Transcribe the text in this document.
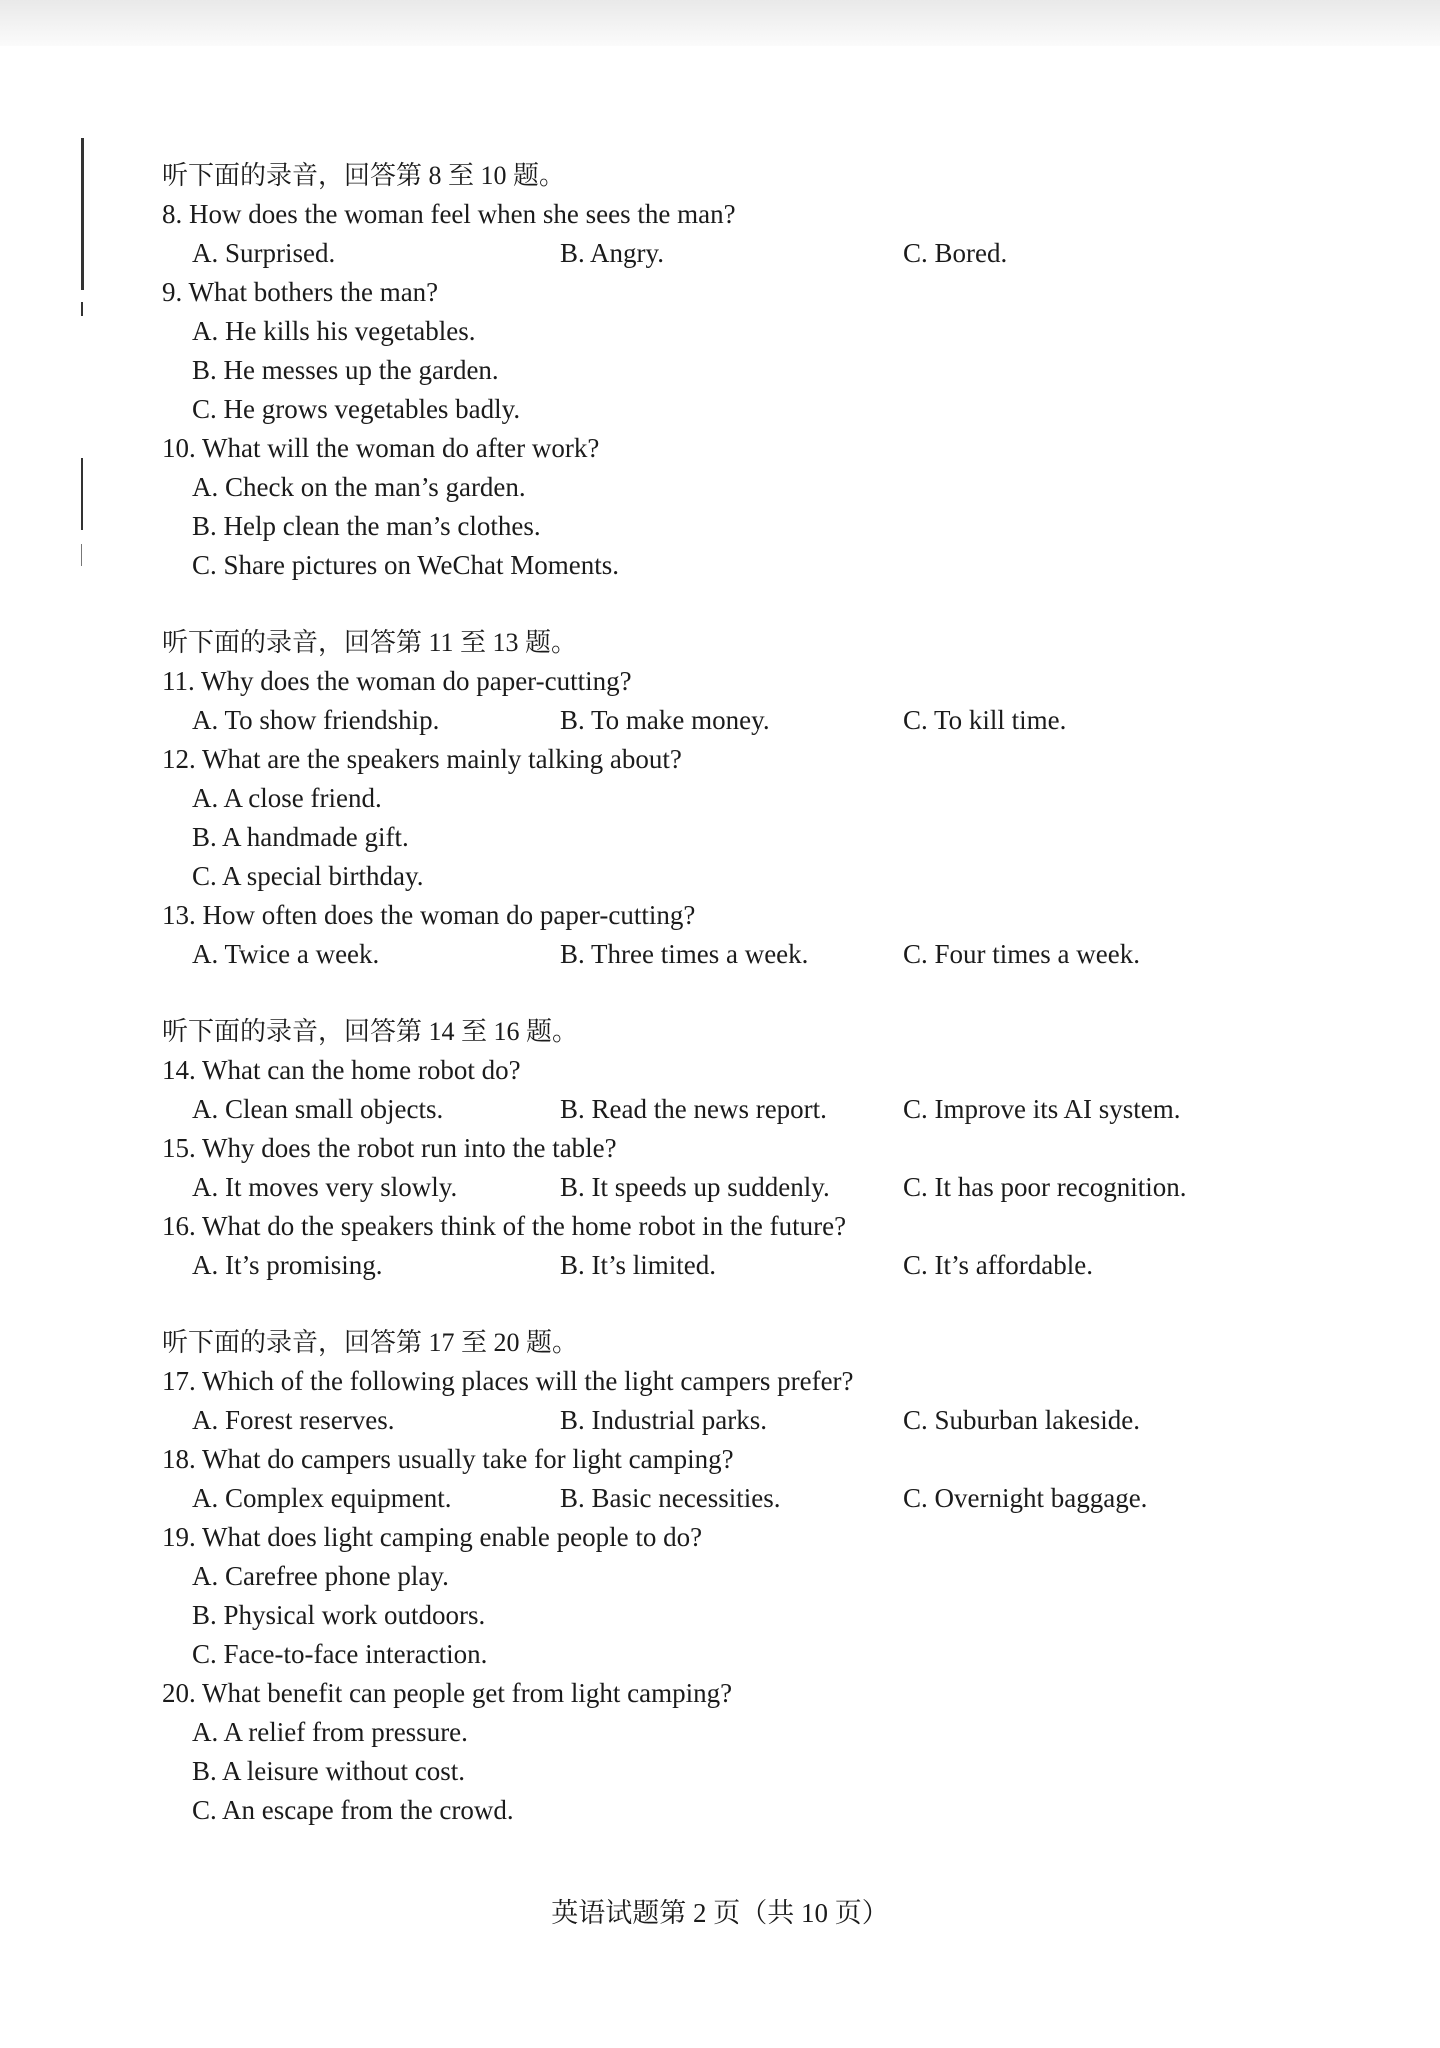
听下面的录音，回答第 8 至 10 题。
8. How does the woman feel when she sees the man?
A. Surprised.	B. Angry.	C. Bored.
9. What bothers the man?
A. He kills his vegetables.
B. He messes up the garden.
C. He grows vegetables badly.
10. What will the woman do after work?
A. Check on the man’s garden.
B. Help clean the man’s clothes.
C. Share pictures on WeChat Moments.
听下面的录音，回答第 11 至 13 题。
11. Why does the woman do paper-cutting?
A. To show friendship.	B. To make money.	C. To kill time.
12. What are the speakers mainly talking about?
A. A close friend.
B. A handmade gift.
C. A special birthday.
13. How often does the woman do paper-cutting?
A. Twice a week.	B. Three times a week.	C. Four times a week.
听下面的录音，回答第 14 至 16 题。
14. What can the home robot do?
A. Clean small objects.	B. Read the news report.	C. Improve its AI system.
15. Why does the robot run into the table?
A. It moves very slowly.	B. It speeds up suddenly.	C. It has poor recognition.
16. What do the speakers think of the home robot in the future?
A. It’s promising.	B. It’s limited.	C. It’s affordable.
听下面的录音，回答第 17 至 20 题。
17. Which of the following places will the light campers prefer?
A. Forest reserves.	B. Industrial parks.	C. Suburban lakeside.
18. What do campers usually take for light camping?
A. Complex equipment.	B. Basic necessities.	C. Overnight baggage.
19. What does light camping enable people to do?
A. Carefree phone play.
B. Physical work outdoors.
C. Face-to-face interaction.
20. What benefit can people get from light camping?
A. A relief from pressure.
B. A leisure without cost.
C. An escape from the crowd.
英语试题第 2 页（共 10 页）
